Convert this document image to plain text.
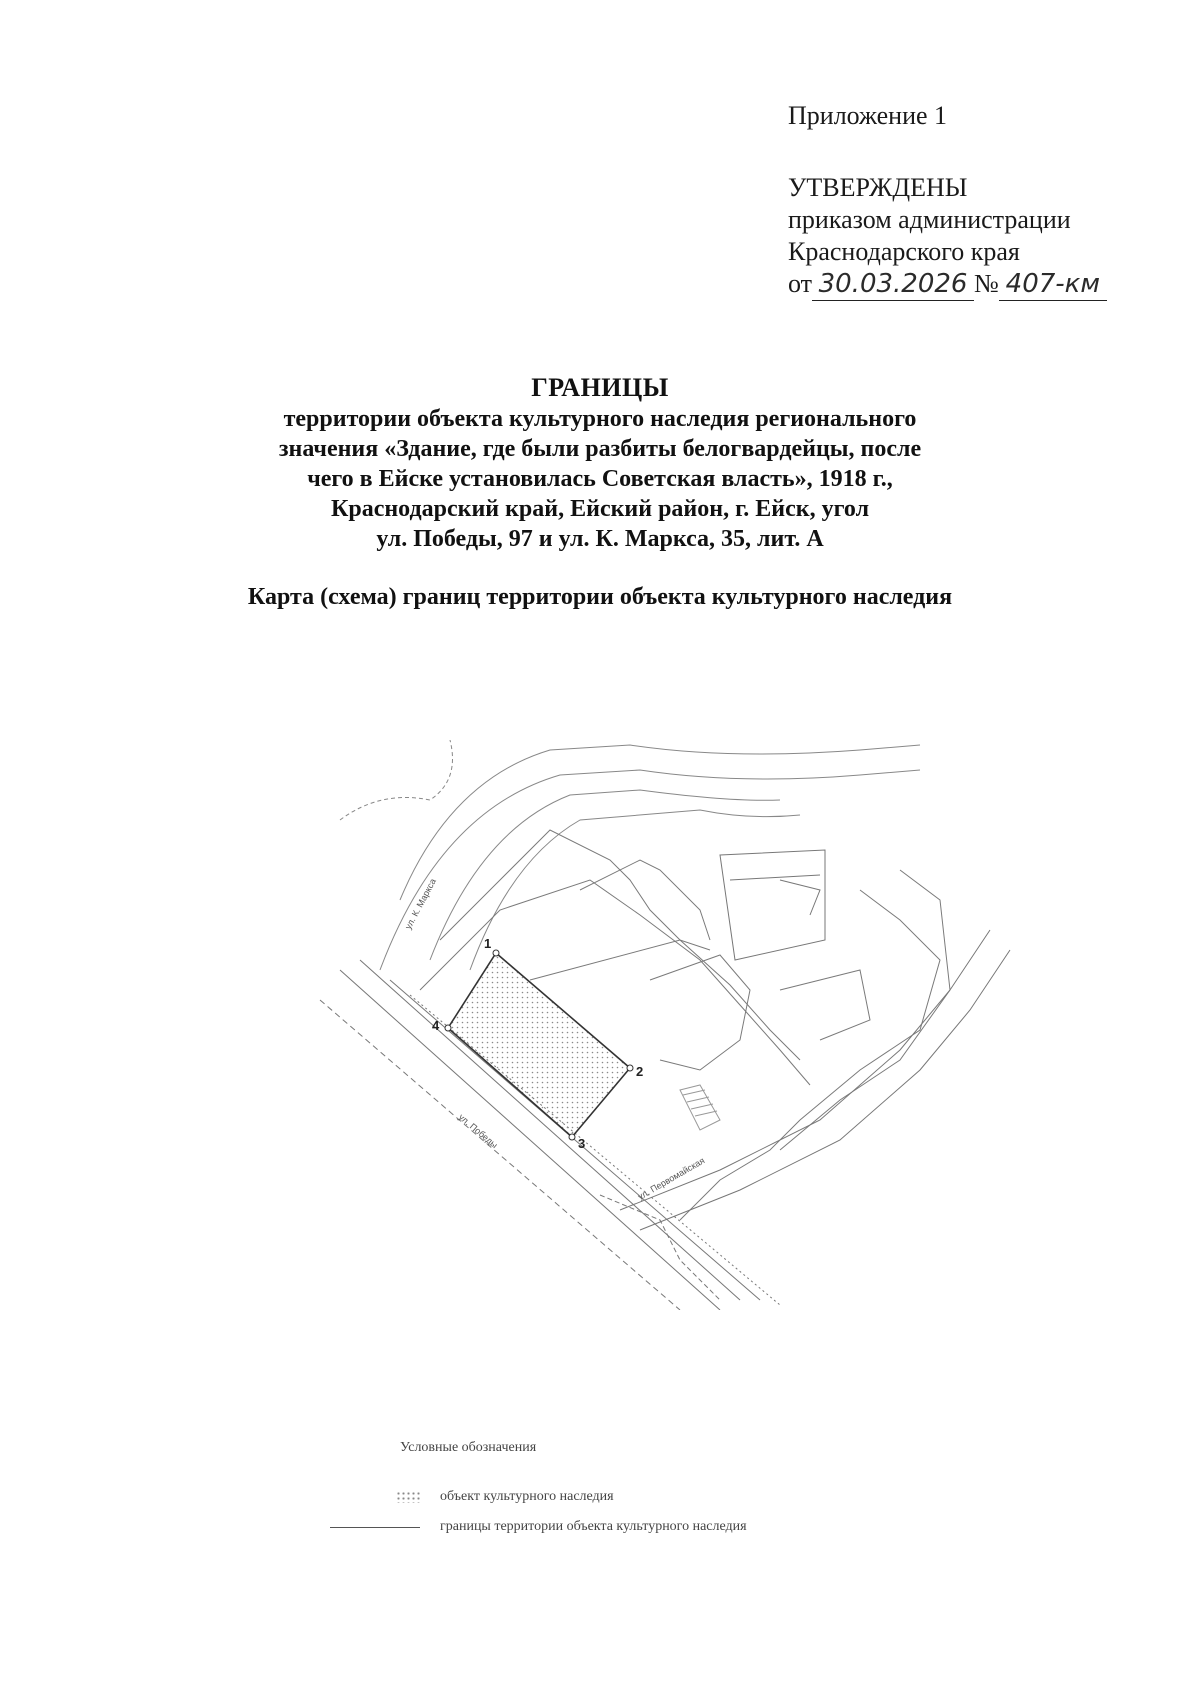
Приложение 1
УТВЕРЖДЕНЫ
приказом администрации
Краснодарского края
от 30.03.2026 № 407-км
ГРАНИЦЫ
территории объекта культурного наследия регионального
значения «Здание, где были разбиты белогвардейцы, после
чего в Ейске установилась Советская власть», 1918 г.,
Краснодарский край, Ейский район, г. Ейск, угол
ул. Победы, 97 и ул. К. Маркса, 35, лит. А
Карта (схема) границ территории объекта культурного наследия
1
2
3
4
ул. Победы
ул. К. Маркса
ул. Первомайская
Условные обозначения
объект культурного наследия
границы территории объекта культурного наследия
